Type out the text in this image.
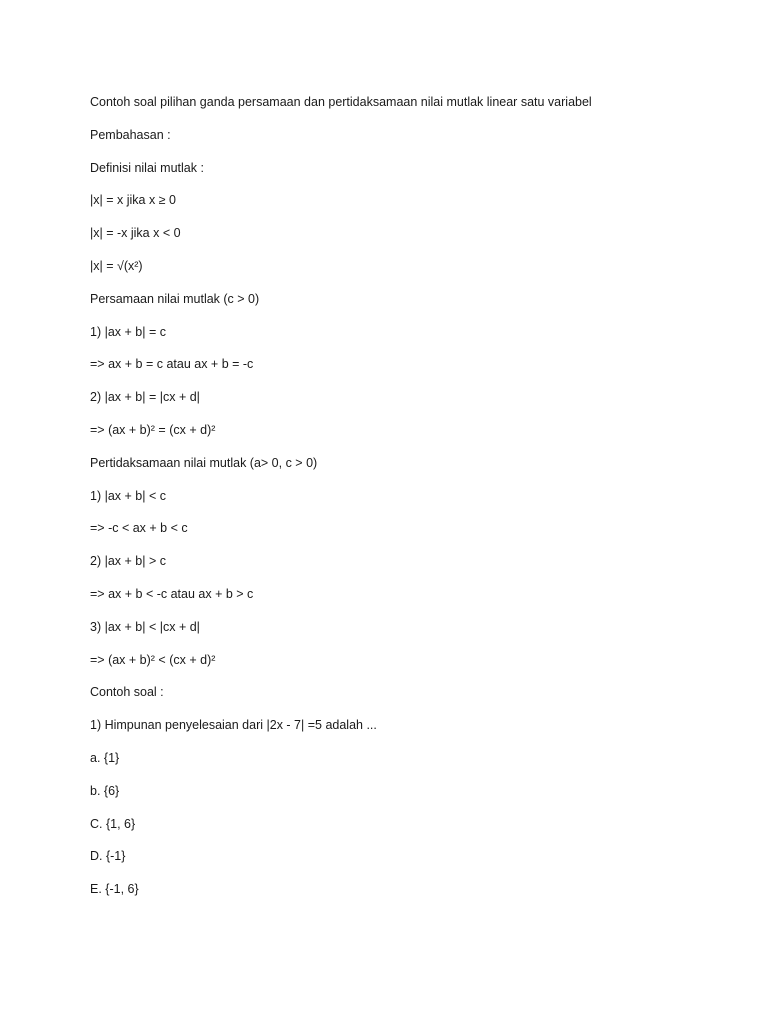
Contoh soal pilihan ganda persamaan dan pertidaksamaan nilai mutlak linear satu variabel
Pembahasan :
Definisi nilai mutlak :
|x| = x jika x ≥ 0
|x| = -x jika x < 0
|x| = √(x²)
Persamaan nilai mutlak (c > 0)
1) |ax + b| = c
=> ax + b = c atau ax + b = -c
2) |ax + b| = |cx + d|
=> (ax + b)² = (cx + d)²
Pertidaksamaan nilai mutlak (a> 0, c > 0)
1) |ax + b| < c
=> -c < ax + b < c
2) |ax + b| > c
=> ax + b < -c atau ax + b > c
3) |ax + b| < |cx + d|
=> (ax + b)² < (cx + d)²
Contoh soal :
1) Himpunan penyelesaian dari |2x - 7| =5 adalah ...
a. {1}
b. {6}
C. {1, 6}
D. {-1}
E. {-1, 6}
